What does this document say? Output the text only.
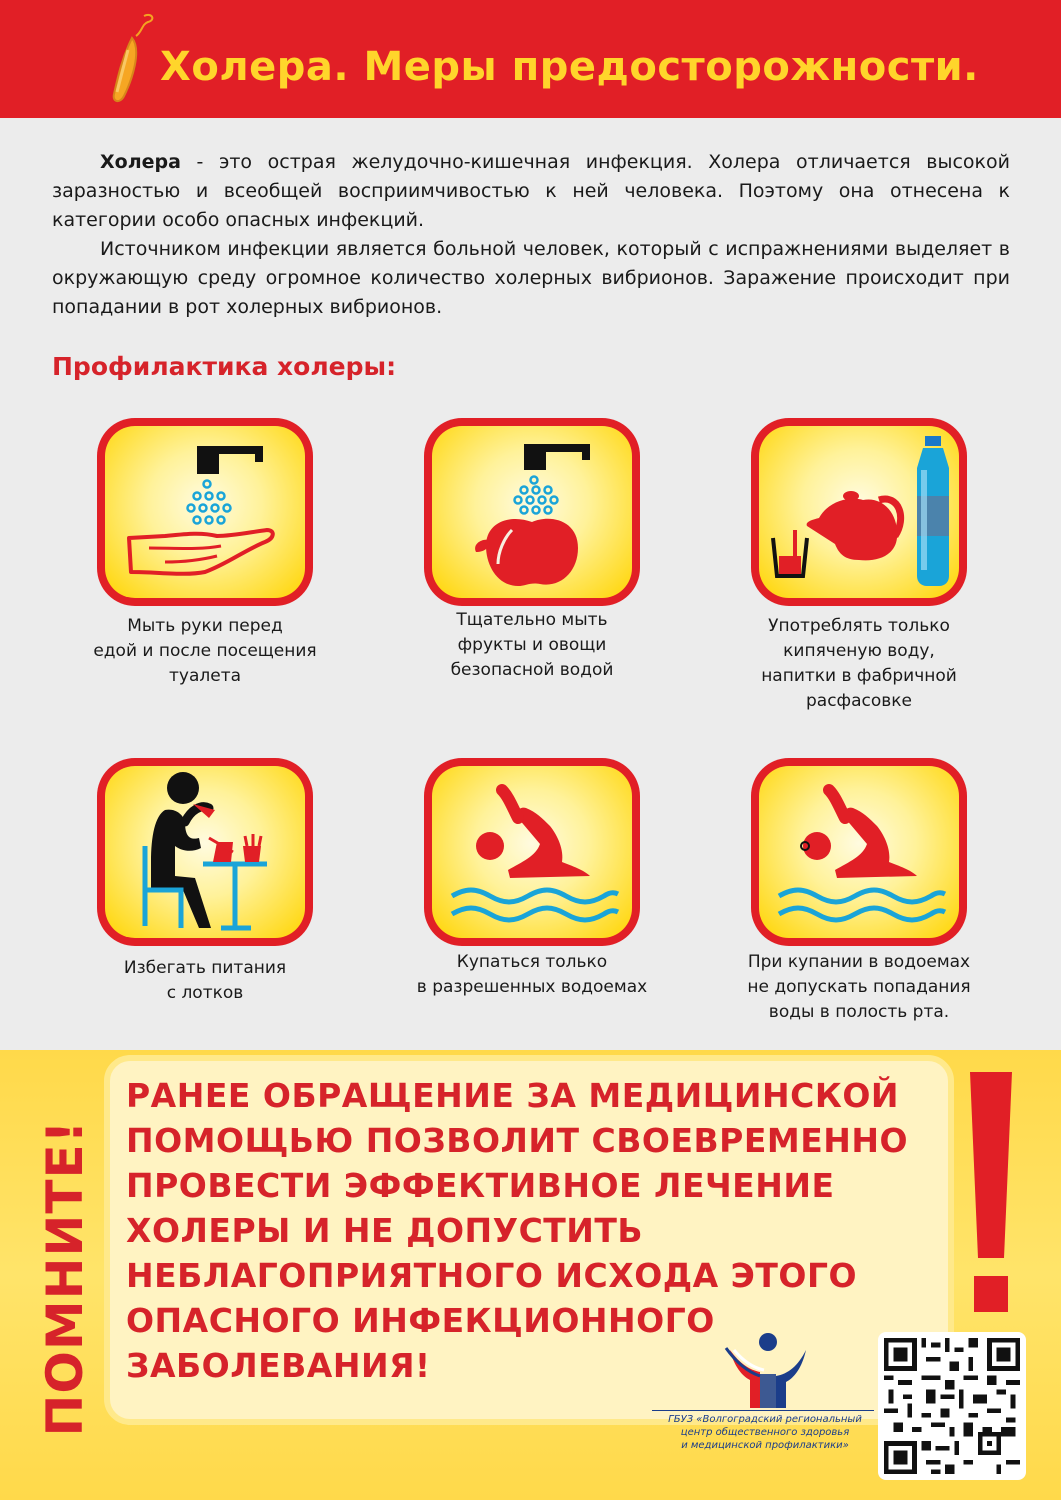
Холера. Меры предосторожности.

Холера - это острая желудочно-кишечная инфекция. Холера отличается высокой заразностью и всеобщей восприимчивостью к ней человека. Поэтому она отнесена к категории особо опасных инфекций.

Источником инфекции является больной человек, который с испражнениями выделяет в окружающую среду огромное количество холерных вибрионов. Заражение происходит при попадании в рот холерных вибрионов.

Профилактика холеры:
Мыть руки перед
едой и после посещения
туалета
Тщательно мыть
фрукты и овощи
безопасной водой
Употреблять только
кипяченую воду,
напитки в фабричной
расфасовке
Избегать питания
с лотков
Купаться только
в разрешенных водоемах
При купании в водоемах
не допускать попадания
воды в полость рта.
ПОМНИТЕ!
РАНЕЕ ОБРАЩЕНИЕ ЗА МЕДИЦИНСКОЙ
ПОМОЩЬЮ ПОЗВОЛИТ СВОЕВРЕМЕННО
ПРОВЕСТИ ЭФФЕКТИВНОЕ ЛЕЧЕНИЕ
ХОЛЕРЫ И НЕ ДОПУСТИТЬ
НЕБЛАГОПРИЯТНОГО ИСХОДА ЭТОГО
ОПАСНОГО ИНФЕКЦИОННОГО
ЗАБОЛЕВАНИЯ!
ГБУЗ «Волгоградский региональный
центр общественного здоровья
и медицинской профилактики»
